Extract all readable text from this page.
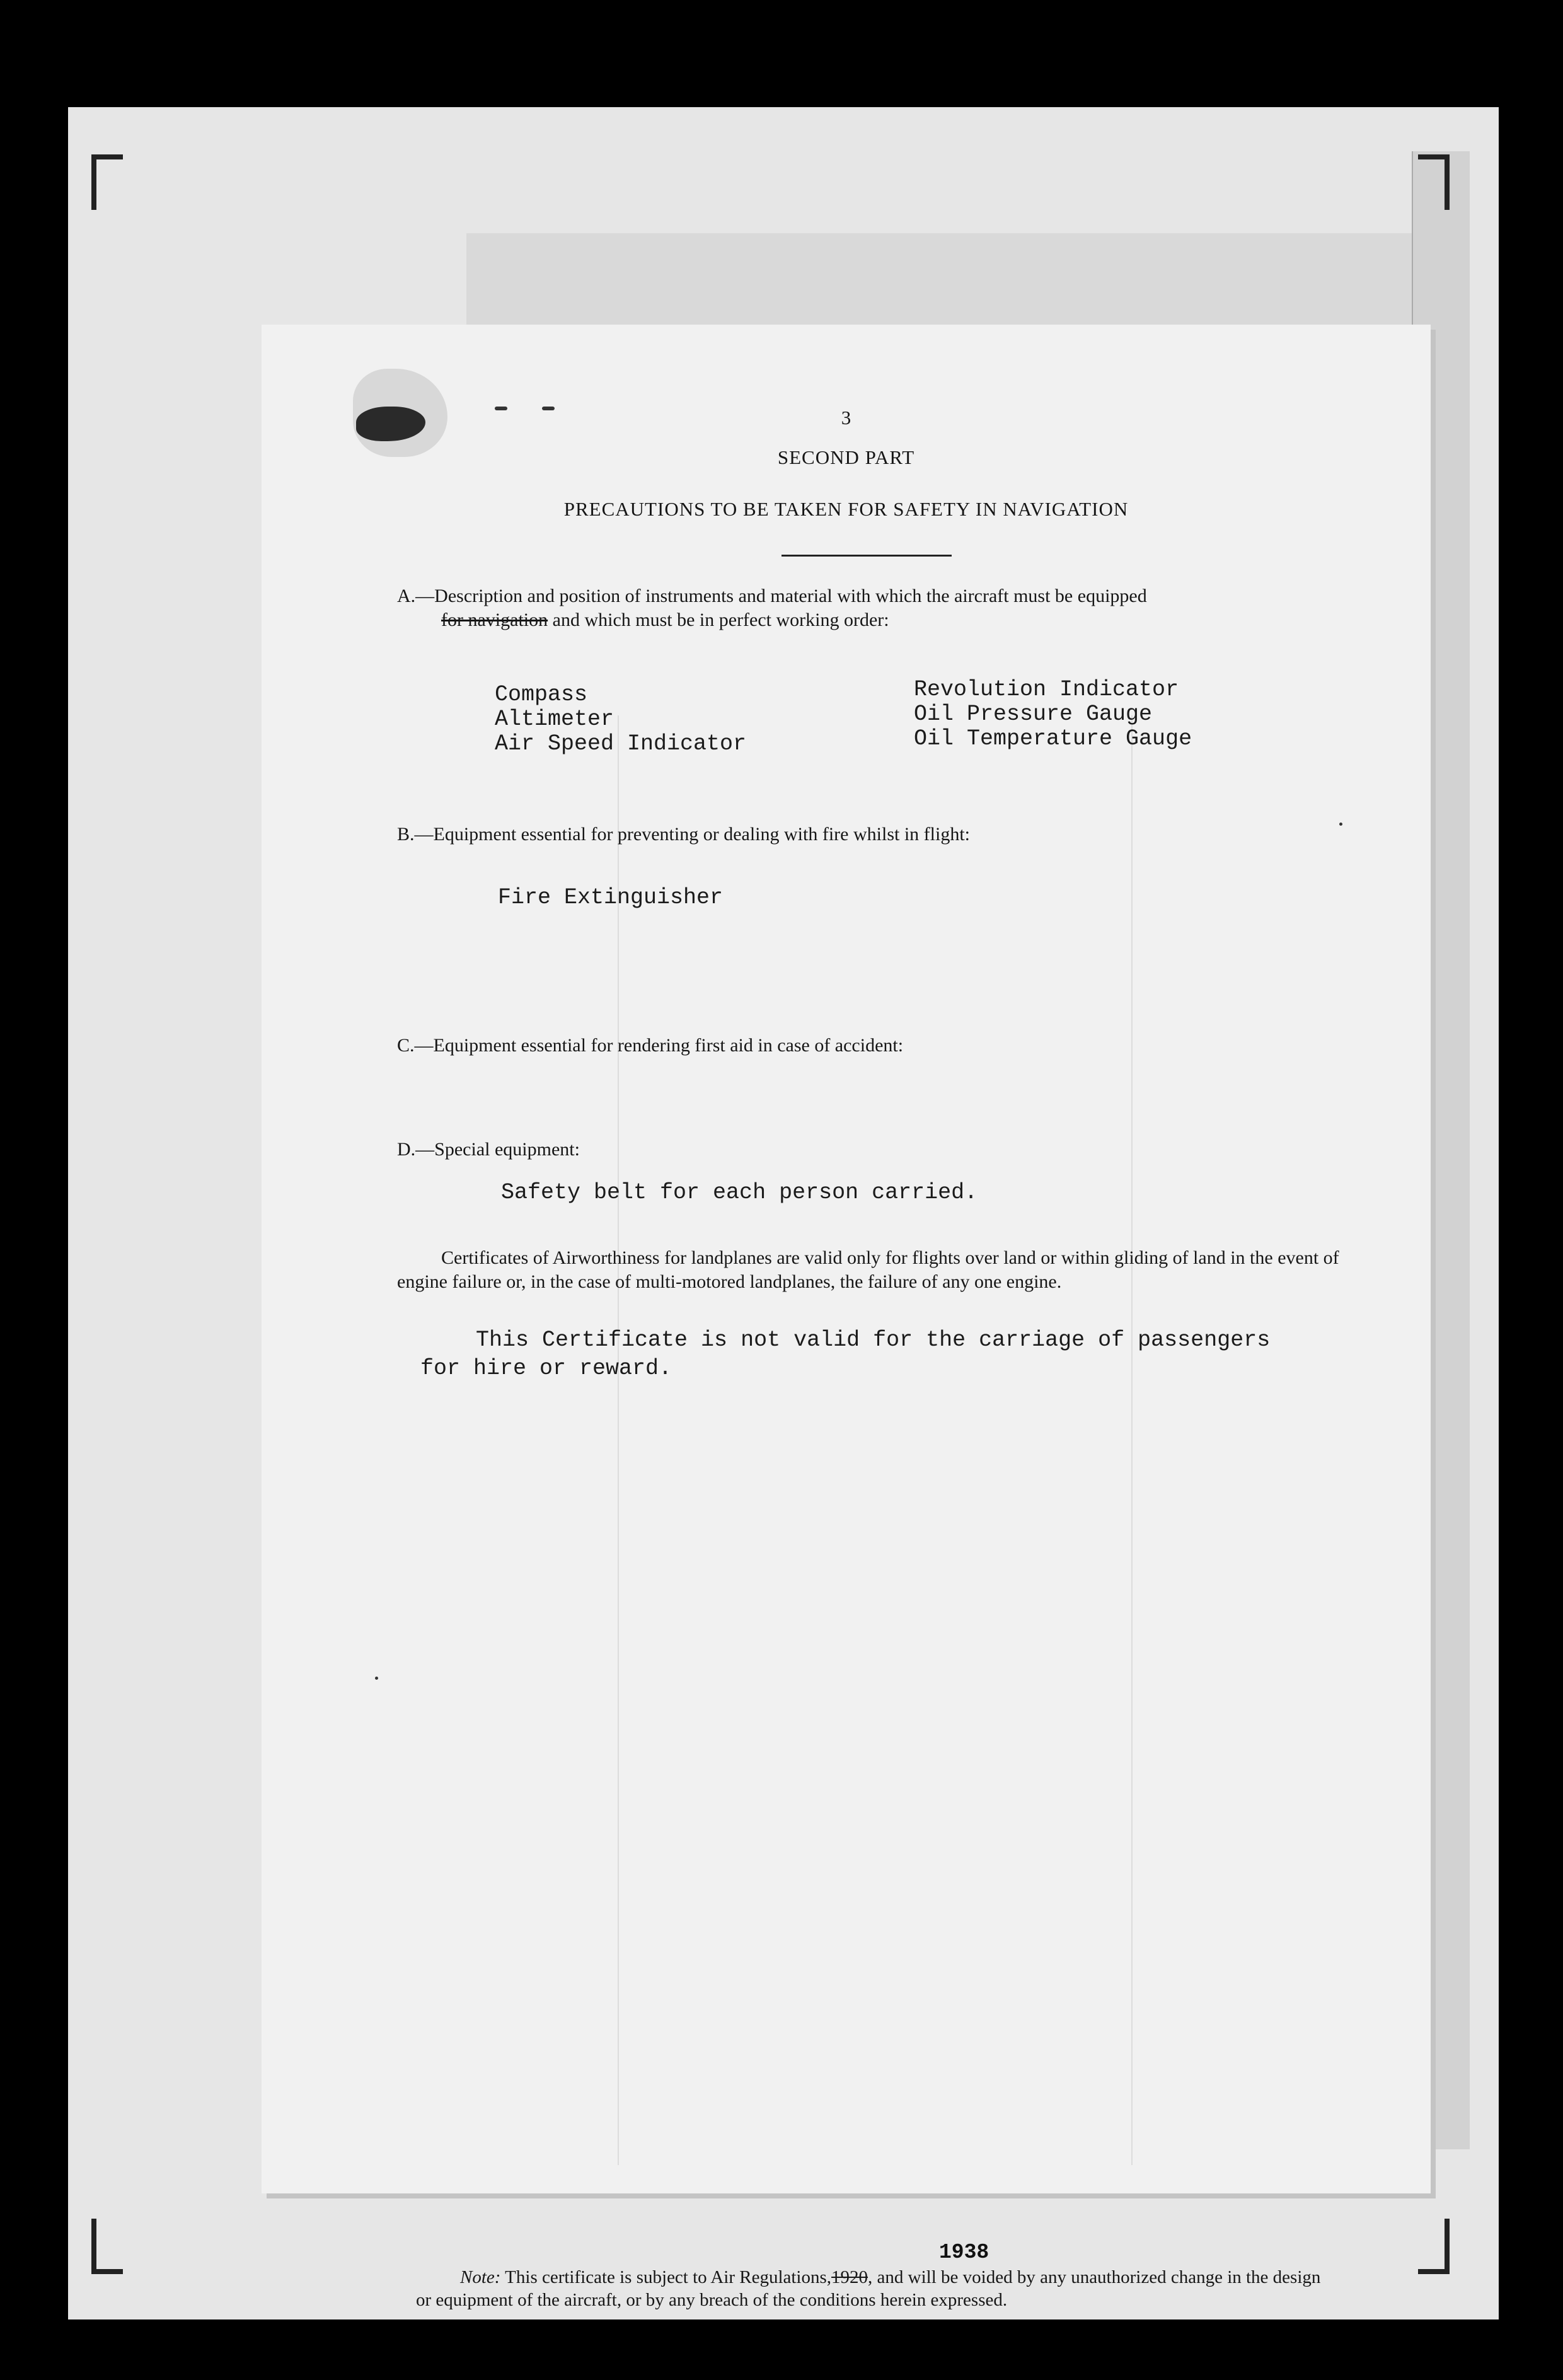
3
SECOND PART
PRECAUTIONS TO BE TAKEN FOR SAFETY IN NAVIGATION
A.—Description and position of instruments and material with which the aircraft must be equipped
for navigation and which must be in perfect working order:
Compass
Altimeter
Air Speed Indicator
Revolution Indicator
Oil Pressure Gauge
Oil Temperature Gauge
B.—Equipment essential for preventing or dealing with fire whilst in flight:
Fire Extinguisher
C.—Equipment essential for rendering first aid in case of accident:
D.—Special equipment:
Safety belt for each person carried.
Certificates of Airworthiness for landplanes are valid only for flights over land or within gliding of land in the event of engine failure or, in the case of multi-motored landplanes, the failure of any one engine.
This Certificate is not valid for the carriage of passengers
for hire or reward.
1938
Note: This certificate is subject to Air Regulations,1920, and will be voided by any unauthorized change in the design or equipment of the aircraft, or by any breach of the conditions herein expressed.
